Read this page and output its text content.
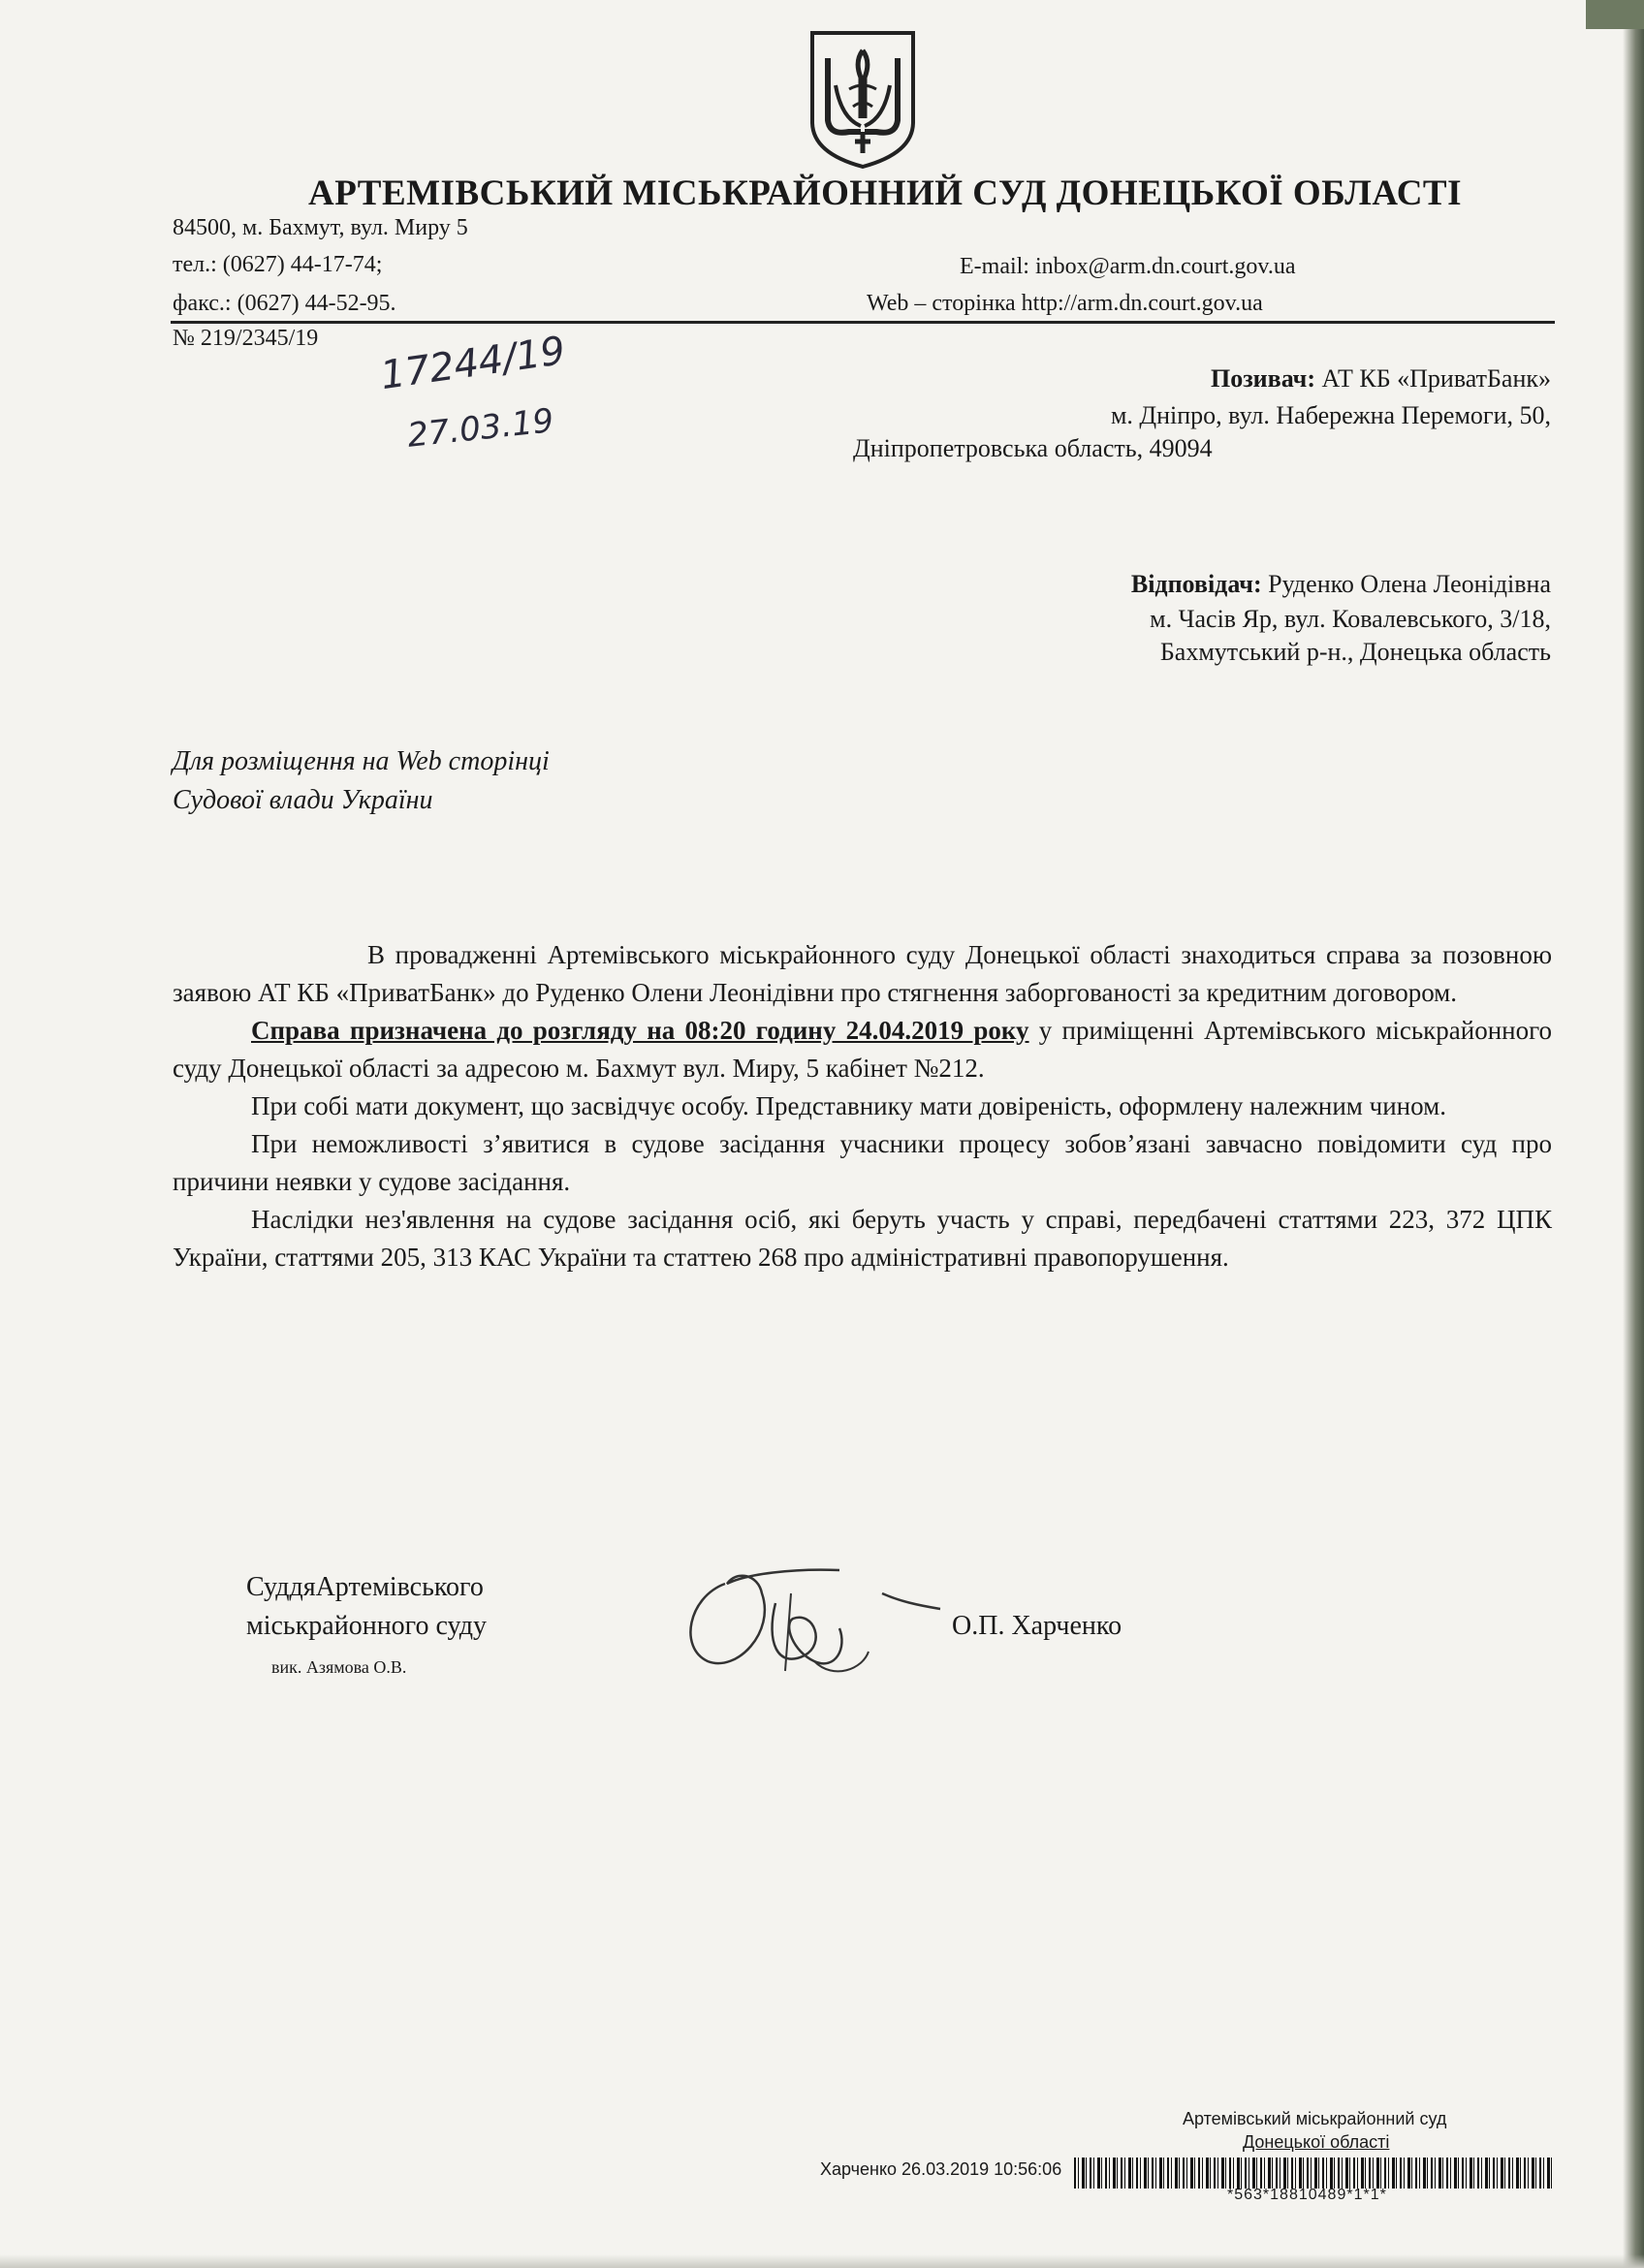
АРТЕМІВСЬКИЙ МІСЬКРАЙОННИЙ СУД ДОНЕЦЬКОЇ ОБЛАСТІ
84500, м. Бахмут, вул. Миру 5
тел.: (0627) 44-17-74;
факс.: (0627) 44-52-95.
E-mail: inbox@arm.dn.court.gov.ua
Web – сторінка http://arm.dn.court.gov.ua
№ 219/2345/19 17244/19
27.03.19
Позивач: АТ КБ «ПриватБанк»
м. Дніпро, вул. Набережна Перемоги, 50,
Дніпропетровська область, 49094
Відповідач: Руденко Олена Леонідівна
м. Часів Яр, вул. Ковалевського, 3/18,
Бахмутський р-н., Донецька область
Для розміщення на Web сторінці
Судової влади України

В провадженні Артемівського міськрайонного суду Донецької області знаходиться справа за позовною заявою АТ КБ «ПриватБанк» до Руденко Олени Леонідівни про стягнення заборгованості за кредитним договором.

Справа призначена до розгляду на 08:20 годину 24.04.2019 року у приміщенні Артемівського міськрайонного суду Донецької області за адресою м. Бахмут вул. Миру, 5 кабінет №212.

При собі мати документ, що засвідчує особу. Представнику мати довіреність, оформлену належним чином.

При неможливості з’явитися в судове засідання учасники процесу зобов’язані завчасно повідомити суд про причини неявки у судове засідання.

Наслідки нез'явлення на судове засідання осіб, які беруть участь у справі, передбачені статтями 223, 372 ЦПК України, статтями 205, 313 КАС України та статтею 268 про адміністративні правопорушення.

СуддяАртемівського
міськрайонного суду
вик. Азямова О.В.
О.П. Харченко
Артемівський міськрайонний суд
Донецької області
Харченко 26.03.2019 10:56:06
*563*18810489*1*1*
